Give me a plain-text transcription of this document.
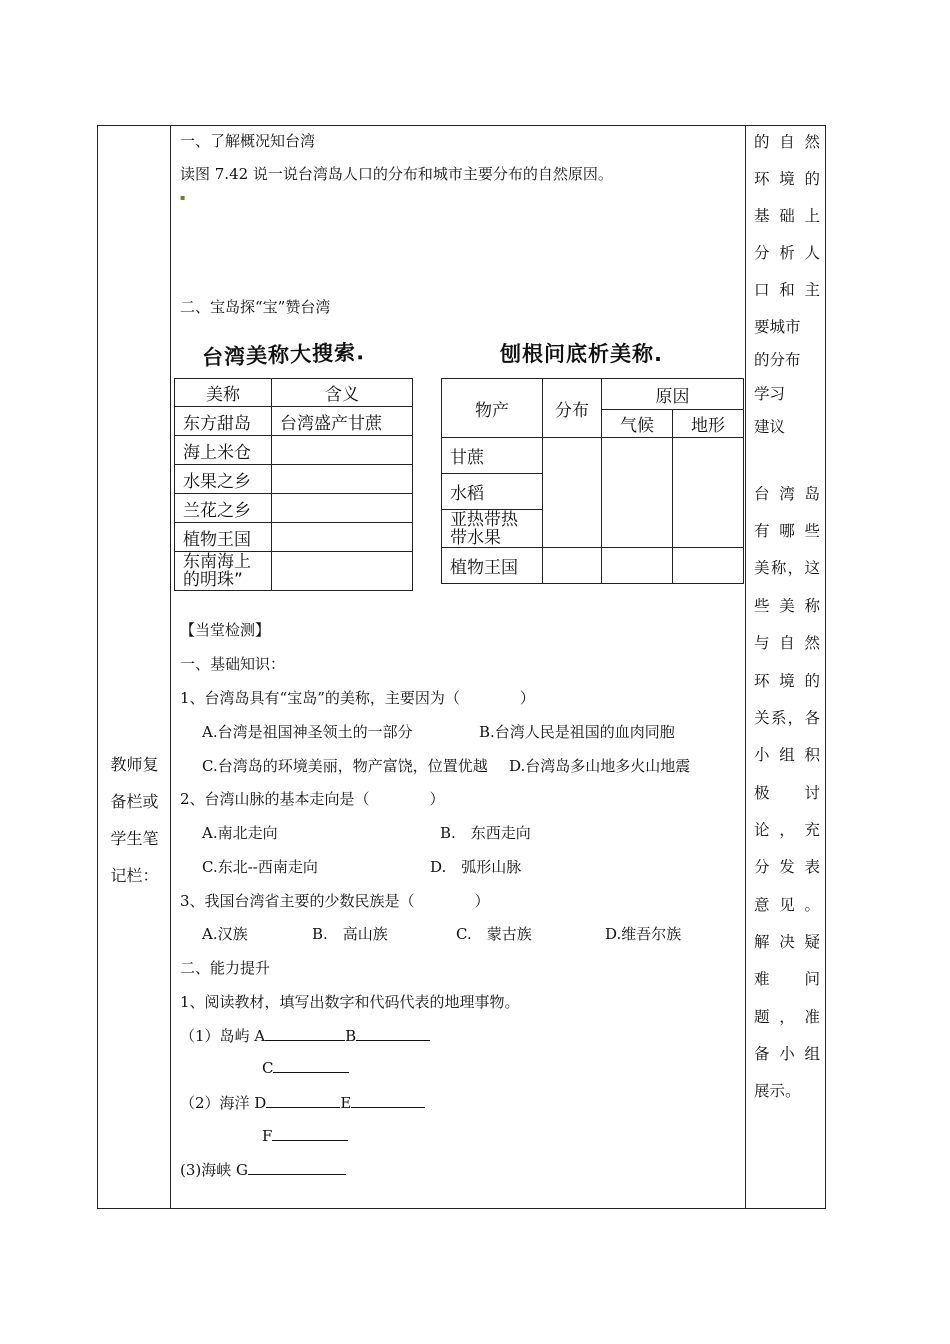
教师复
备栏或
学生笔
记栏：
的自然
环境的
基础上
分析人
口和主
要城市
的分布
学习
建议
台湾岛
有哪些
美称，这
些美称
与自然
环境的
关系，各
小组积
极　讨
论，充
分发表
意见。
解决疑
难　问
题，准
备小组
展示。
一、了解概况知台湾
读图 7.42 说一说台湾岛人口的分布和城市主要分布的自然原因。
二、宝岛探“宝”赞台湾
【当堂检测】
一、基础知识：
1、台湾岛具有“宝岛”的美称，主要因为（　　　　）
A.台湾是祖国神圣领土的一部分	B.台湾人民是祖国的血肉同胞
C.台湾岛的环境美丽，物产富饶，位置优越 D.台湾岛多山地多火山地震
2、台湾山脉的基本走向是（　　　　）
A.南北走向	B.　东西走向
C.东北--西南走向	D.　弧形山脉
3、我国台湾省主要的少数民族是（　　　　）
A.汉族	B.　高山族	C.　蒙古族	D.维吾尔族
二、能力提升
1、阅读教材，填写出数字和代码代表的地理事物。
（1）岛屿 A	B
C
（2）海洋 D	E
F
(3)海峡 G
▪
台湾美称大搜索.	刨根问底析美称.
美称	含义
东方甜岛	台湾盛产甘蔗
海上米仓	
水果之乡	
兰花之乡	
植物王国	
东南海上的明珠”	
物产	分布	原因	
		气候	地形
甘蔗			
水稻			
亚热带热带水果			
植物王国			
